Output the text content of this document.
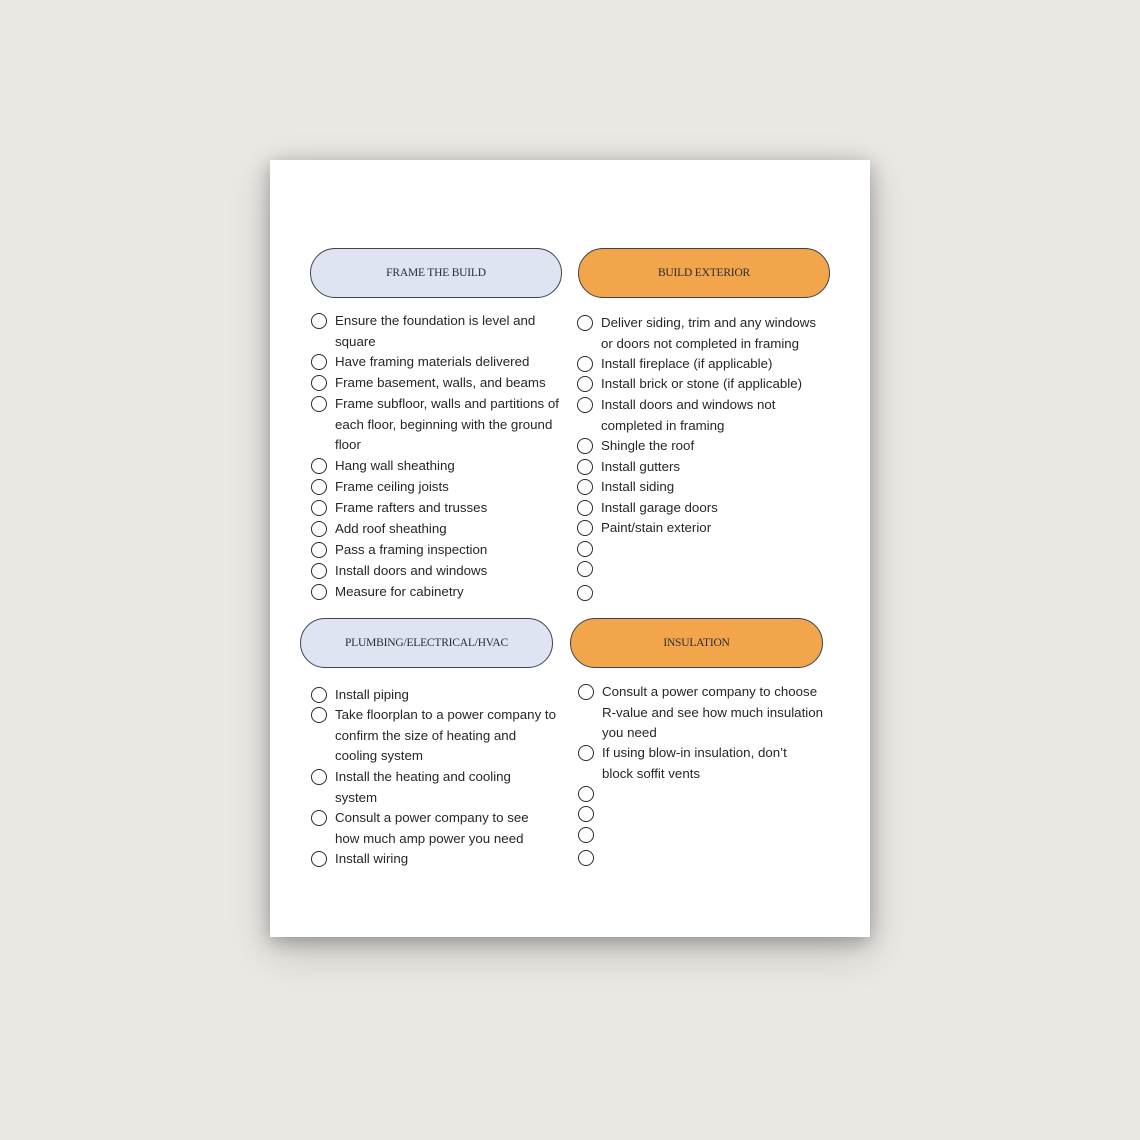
FRAME THE BUILD
Ensure the foundation is level and square
Have framing materials delivered
Frame basement, walls, and beams
Frame subfloor, walls and partitions of each floor, beginning with the ground floor
Hang wall sheathing
Frame ceiling joists
Frame rafters and trusses
Add roof sheathing
Pass a framing inspection
Install doors and windows
Measure for cabinetry
BUILD EXTERIOR
Deliver siding, trim and any windows or doors not completed in framing
Install fireplace (if applicable)
Install brick or stone (if applicable)
Install doors and windows not completed in framing
Shingle the roof
Install gutters
Install siding
Install garage doors
Paint/stain exterior
PLUMBING/ELECTRICAL/HVAC
Install piping
Take floorplan to a power company to confirm the size of heating and cooling system
Install the heating and cooling system
Consult a power company to see how much amp power you need
Install wiring
INSULATION
Consult a power company to choose R-value and see how much insulation you need
If using blow-in insulation, don’t block soffit vents
